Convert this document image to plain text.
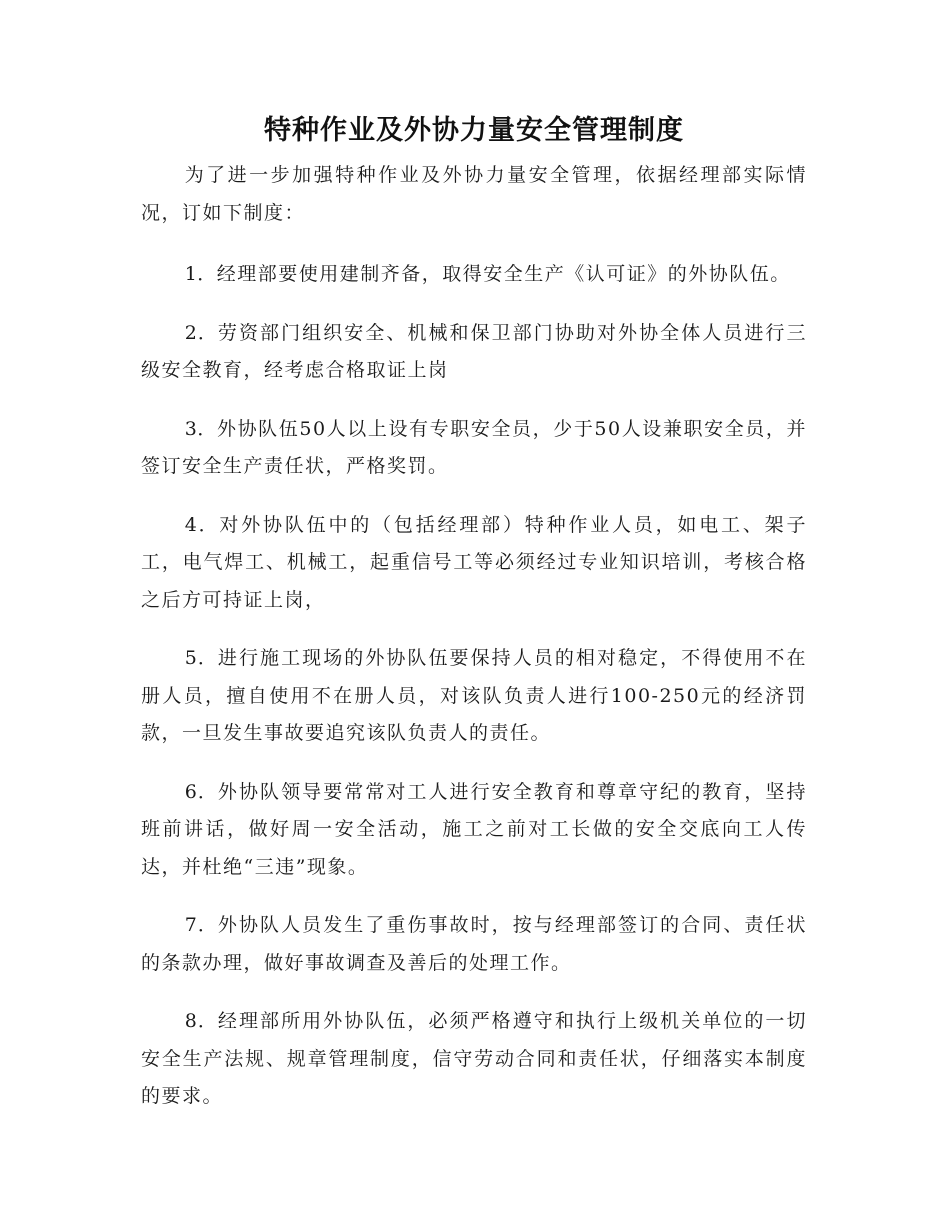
特种作业及外协力量安全管理制度

为了进一步加强特种作业及外协力量安全管理，依据经理部实际情况，订如下制度：

1．经理部要使用建制齐备，取得安全生产《认可证》的外协队伍。

2．劳资部门组织安全、机械和保卫部门协助对外协全体人员进行三级安全教育，经考虑合格取证上岗

3．外协队伍50人以上设有专职安全员，少于50人设兼职安全员，并签订安全生产责任状，严格奖罚。

4．对外协队伍中的（包括经理部）特种作业人员，如电工、架子工，电气焊工、机械工，起重信号工等必须经过专业知识培训，考核合格之后方可持证上岗，

5．进行施工现场的外协队伍要保持人员的相对稳定，不得使用不在册人员，擅自使用不在册人员，对该队负责人进行100-250元的经济罚款，一旦发生事故要追究该队负责人的责任。

6．外协队领导要常常对工人进行安全教育和尊章守纪的教育，坚持班前讲话，做好周一安全活动，施工之前对工长做的安全交底向工人传达，并杜绝“三违”现象。

7．外协队人员发生了重伤事故时，按与经理部签订的合同、责任状的条款办理，做好事故调查及善后的处理工作。

8．经理部所用外协队伍，必须严格遵守和执行上级机关单位的一切安全生产法规、规章管理制度，信守劳动合同和责任状，仔细落实本制度的要求。
